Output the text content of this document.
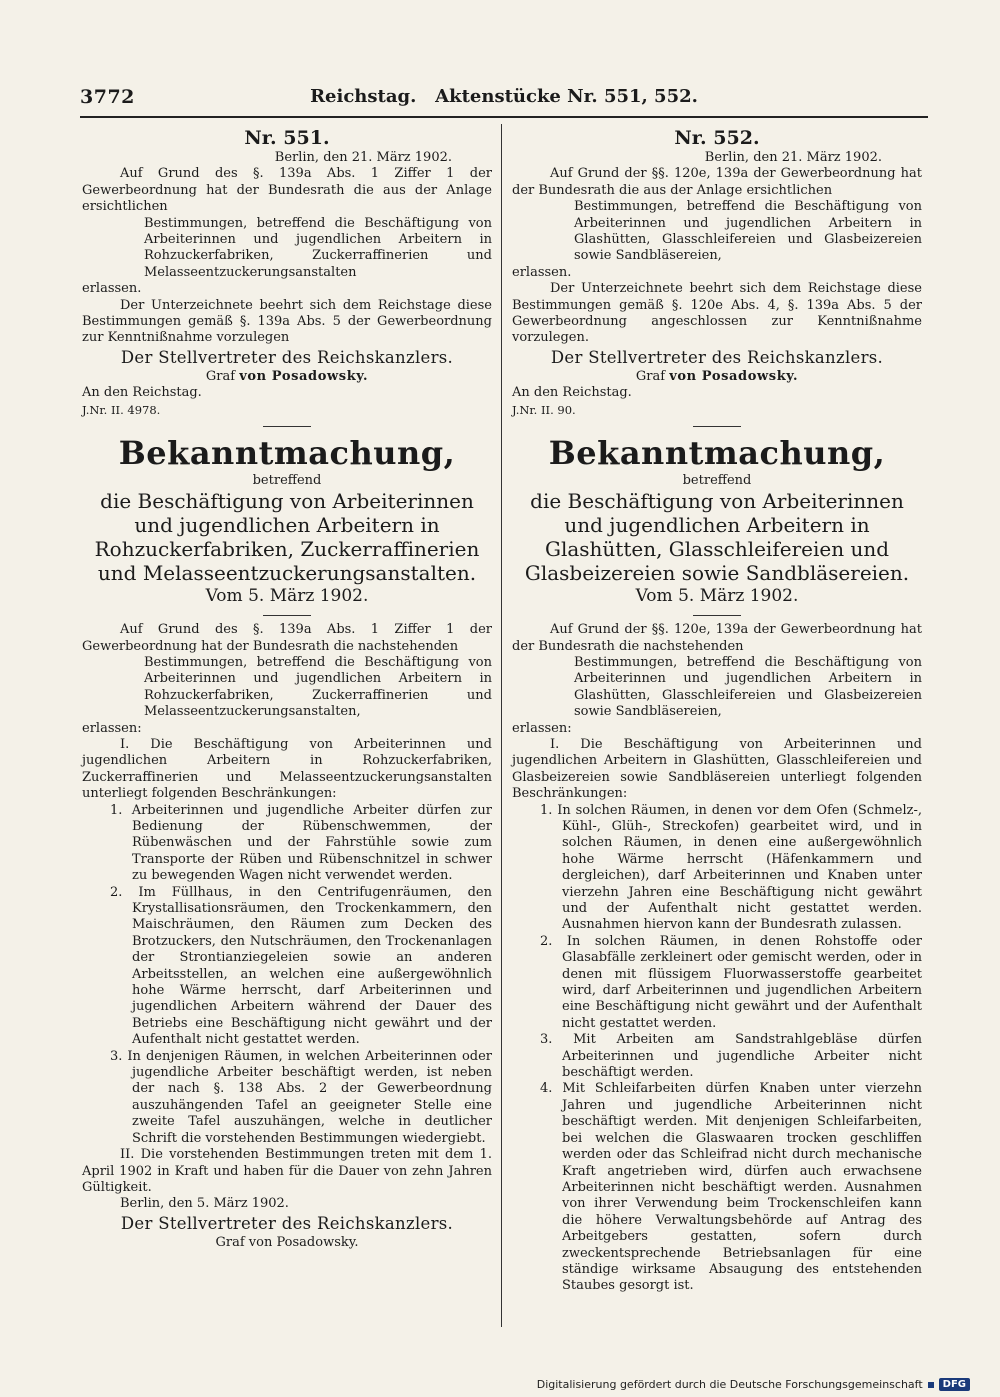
3772	Reichstag.   Aktenstücke Nr. 551, 552.
Nr. 551.
Berlin, den 21. März 1902.

Auf Grund des §. 139a Abs. 1 Ziffer 1 der Gewerbeordnung hat der Bundesrath die aus der Anlage ersichtlichen

Bestimmungen, betreffend die Beschäftigung von Arbeiterinnen und jugendlichen Arbeitern in Rohzuckerfabriken, Zuckerraffinerien und Melasseentzuckerungsanstalten

erlassen.

Der Unterzeichnete beehrt sich dem Reichstage diese Bestimmungen gemäß §. 139a Abs. 5 der Gewerbeordnung zur Kenntnißnahme vorzulegen

Der Stellvertreter des Reichskanzlers.
Graf von Posadowsky.

An den Reichstag.

J.Nr. II. 4978.

Bekanntmachung,
betreffend
die Beschäftigung von Arbeiterinnen und jugendlichen Arbeitern in Rohzuckerfabriken, Zuckerraffinerien und Melasseentzuckerungsanstalten.
Vom 5. März 1902.

Auf Grund des §. 139a Abs. 1 Ziffer 1 der Gewerbeordnung hat der Bundesrath die nachstehenden

Bestimmungen, betreffend die Beschäftigung von Arbeiterinnen und jugendlichen Arbeitern in Rohzuckerfabriken, Zuckerraffinerien und Melasseentzuckerungsanstalten,

erlassen:

I. Die Beschäftigung von Arbeiterinnen und jugendlichen Arbeitern in Rohzuckerfabriken, Zuckerraffinerien und Melasseentzuckerungsanstalten unterliegt folgenden Beschränkungen:

1. Arbeiterinnen und jugendliche Arbeiter dürfen zur Bedienung der Rübenschwemmen, der Rübenwäschen und der Fahrstühle sowie zum Transporte der Rüben und Rübenschnitzel in schwer zu bewegenden Wagen nicht verwendet werden.

2. Im Füllhaus, in den Centrifugenräumen, den Krystallisationsräumen, den Trockenkammern, den Maischräumen, den Räumen zum Decken des Brotzuckers, den Nutschräumen, den Trockenanlagen der Strontianziegeleien sowie an anderen Arbeitsstellen, an welchen eine außergewöhnlich hohe Wärme herrscht, darf Arbeiterinnen und jugendlichen Arbeitern während der Dauer des Betriebs eine Beschäftigung nicht gewährt und der Aufenthalt nicht gestattet werden.

3. In denjenigen Räumen, in welchen Arbeiterinnen oder jugendliche Arbeiter beschäftigt werden, ist neben der nach §. 138 Abs. 2 der Gewerbeordnung auszuhängenden Tafel an geeigneter Stelle eine zweite Tafel auszuhängen, welche in deutlicher Schrift die vorstehenden Bestimmungen wiedergiebt.

II. Die vorstehenden Bestimmungen treten mit dem 1. April 1902 in Kraft und haben für die Dauer von zehn Jahren Gültigkeit.

Berlin, den 5. März 1902.

Der Stellvertreter des Reichskanzlers.
Graf von Posadowsky.
Nr. 552.
Berlin, den 21. März 1902.

Auf Grund der §§. 120e, 139a der Gewerbeordnung hat der Bundesrath die aus der Anlage ersichtlichen

Bestimmungen, betreffend die Beschäftigung von Arbeiterinnen und jugendlichen Arbeitern in Glashütten, Glasschleifereien und Glasbeizereien sowie Sandbläsereien,

erlassen.

Der Unterzeichnete beehrt sich dem Reichstage diese Bestimmungen gemäß §. 120e Abs. 4, §. 139a Abs. 5 der Gewerbeordnung angeschlossen zur Kenntnißnahme vorzulegen.

Der Stellvertreter des Reichskanzlers.
Graf von Posadowsky.

An den Reichstag.

J.Nr. II. 90.

Bekanntmachung,
betreffend
die Beschäftigung von Arbeiterinnen und jugendlichen Arbeitern in Glashütten, Glasschleifereien und Glasbeizereien sowie Sandbläsereien.
Vom 5. März 1902.

Auf Grund der §§. 120e, 139a der Gewerbeordnung hat der Bundesrath die nachstehenden

Bestimmungen, betreffend die Beschäftigung von Arbeiterinnen und jugendlichen Arbeitern in Glashütten, Glasschleifereien und Glasbeizereien sowie Sandbläsereien,

erlassen:

I. Die Beschäftigung von Arbeiterinnen und jugendlichen Arbeitern in Glashütten, Glasschleifereien und Glasbeizereien sowie Sandbläsereien unterliegt folgenden Beschränkungen:

1. In solchen Räumen, in denen vor dem Ofen (Schmelz-, Kühl-, Glüh-, Streckofen) gearbeitet wird, und in solchen Räumen, in denen eine außergewöhnlich hohe Wärme herrscht (Häfenkammern und dergleichen), darf Arbeiterinnen und Knaben unter vierzehn Jahren eine Beschäftigung nicht gewährt und der Aufenthalt nicht gestattet werden. Ausnahmen hiervon kann der Bundesrath zulassen.

2. In solchen Räumen, in denen Rohstoffe oder Glasabfälle zerkleinert oder gemischt werden, oder in denen mit flüssigem Fluorwasserstoffe gearbeitet wird, darf Arbeiterinnen und jugendlichen Arbeitern eine Beschäftigung nicht gewährt und der Aufenthalt nicht gestattet werden.

3. Mit Arbeiten am Sandstrahlgebläse dürfen Arbeiterinnen und jugendliche Arbeiter nicht beschäftigt werden.

4. Mit Schleifarbeiten dürfen Knaben unter vierzehn Jahren und jugendliche Arbeiterinnen nicht beschäftigt werden. Mit denjenigen Schleifarbeiten, bei welchen die Glaswaaren trocken geschliffen werden oder das Schleifrad nicht durch mechanische Kraft angetrieben wird, dürfen auch erwachsene Arbeiterinnen nicht beschäftigt werden. Ausnahmen von ihrer Verwendung beim Trockenschleifen kann die höhere Verwaltungsbehörde auf Antrag des Arbeitgebers gestatten, sofern durch zweckentsprechende Betriebsanlagen für eine ständige wirksame Absaugung des entstehenden Staubes gesorgt ist.

Digitalisierung gefördert durch die Deutsche Forschungsgemeinschaft	DFG
